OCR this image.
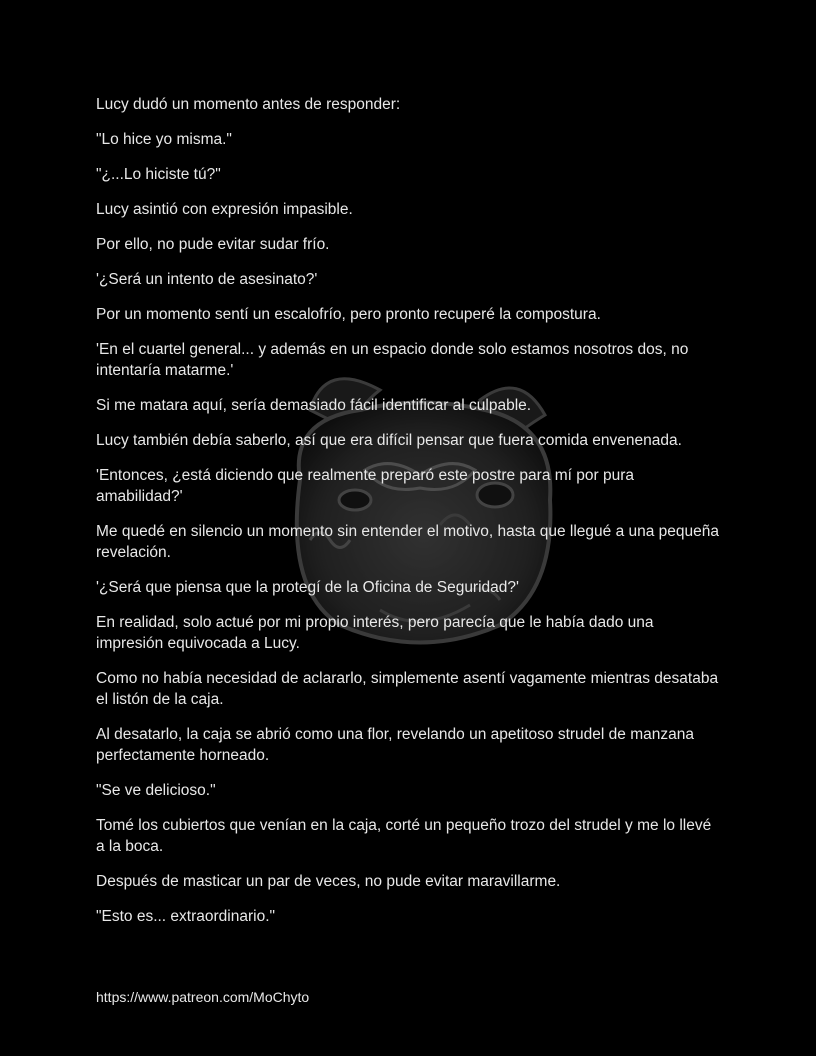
Lucy dudó un momento antes de responder:

"Lo hice yo misma."

"¿...Lo hiciste tú?"

Lucy asintió con expresión impasible.

Por ello, no pude evitar sudar frío.

'¿Será un intento de asesinato?'

Por un momento sentí un escalofrío, pero pronto recuperé la compostura.

'En el cuartel general... y además en un espacio donde solo estamos nosotros dos, no intentaría matarme.'

Si me matara aquí, sería demasiado fácil identificar al culpable.

Lucy también debía saberlo, así que era difícil pensar que fuera comida envenenada.

'Entonces, ¿está diciendo que realmente preparó este postre para mí por pura amabilidad?'

Me quedé en silencio un momento sin entender el motivo, hasta que llegué a una pequeña revelación.

'¿Será que piensa que la protegí de la Oficina de Seguridad?'

En realidad, solo actué por mi propio interés, pero parecía que le había dado una impresión equivocada a Lucy.

Como no había necesidad de aclararlo, simplemente asentí vagamente mientras desataba el listón de la caja.

Al desatarlo, la caja se abrió como una flor, revelando un apetitoso strudel de manzana perfectamente horneado.

"Se ve delicioso."

Tomé los cubiertos que venían en la caja, corté un pequeño trozo del strudel y me lo llevé a la boca.

Después de masticar un par de veces, no pude evitar maravillarme.

"Esto es... extraordinario."

https://www.patreon.com/MoChyto
